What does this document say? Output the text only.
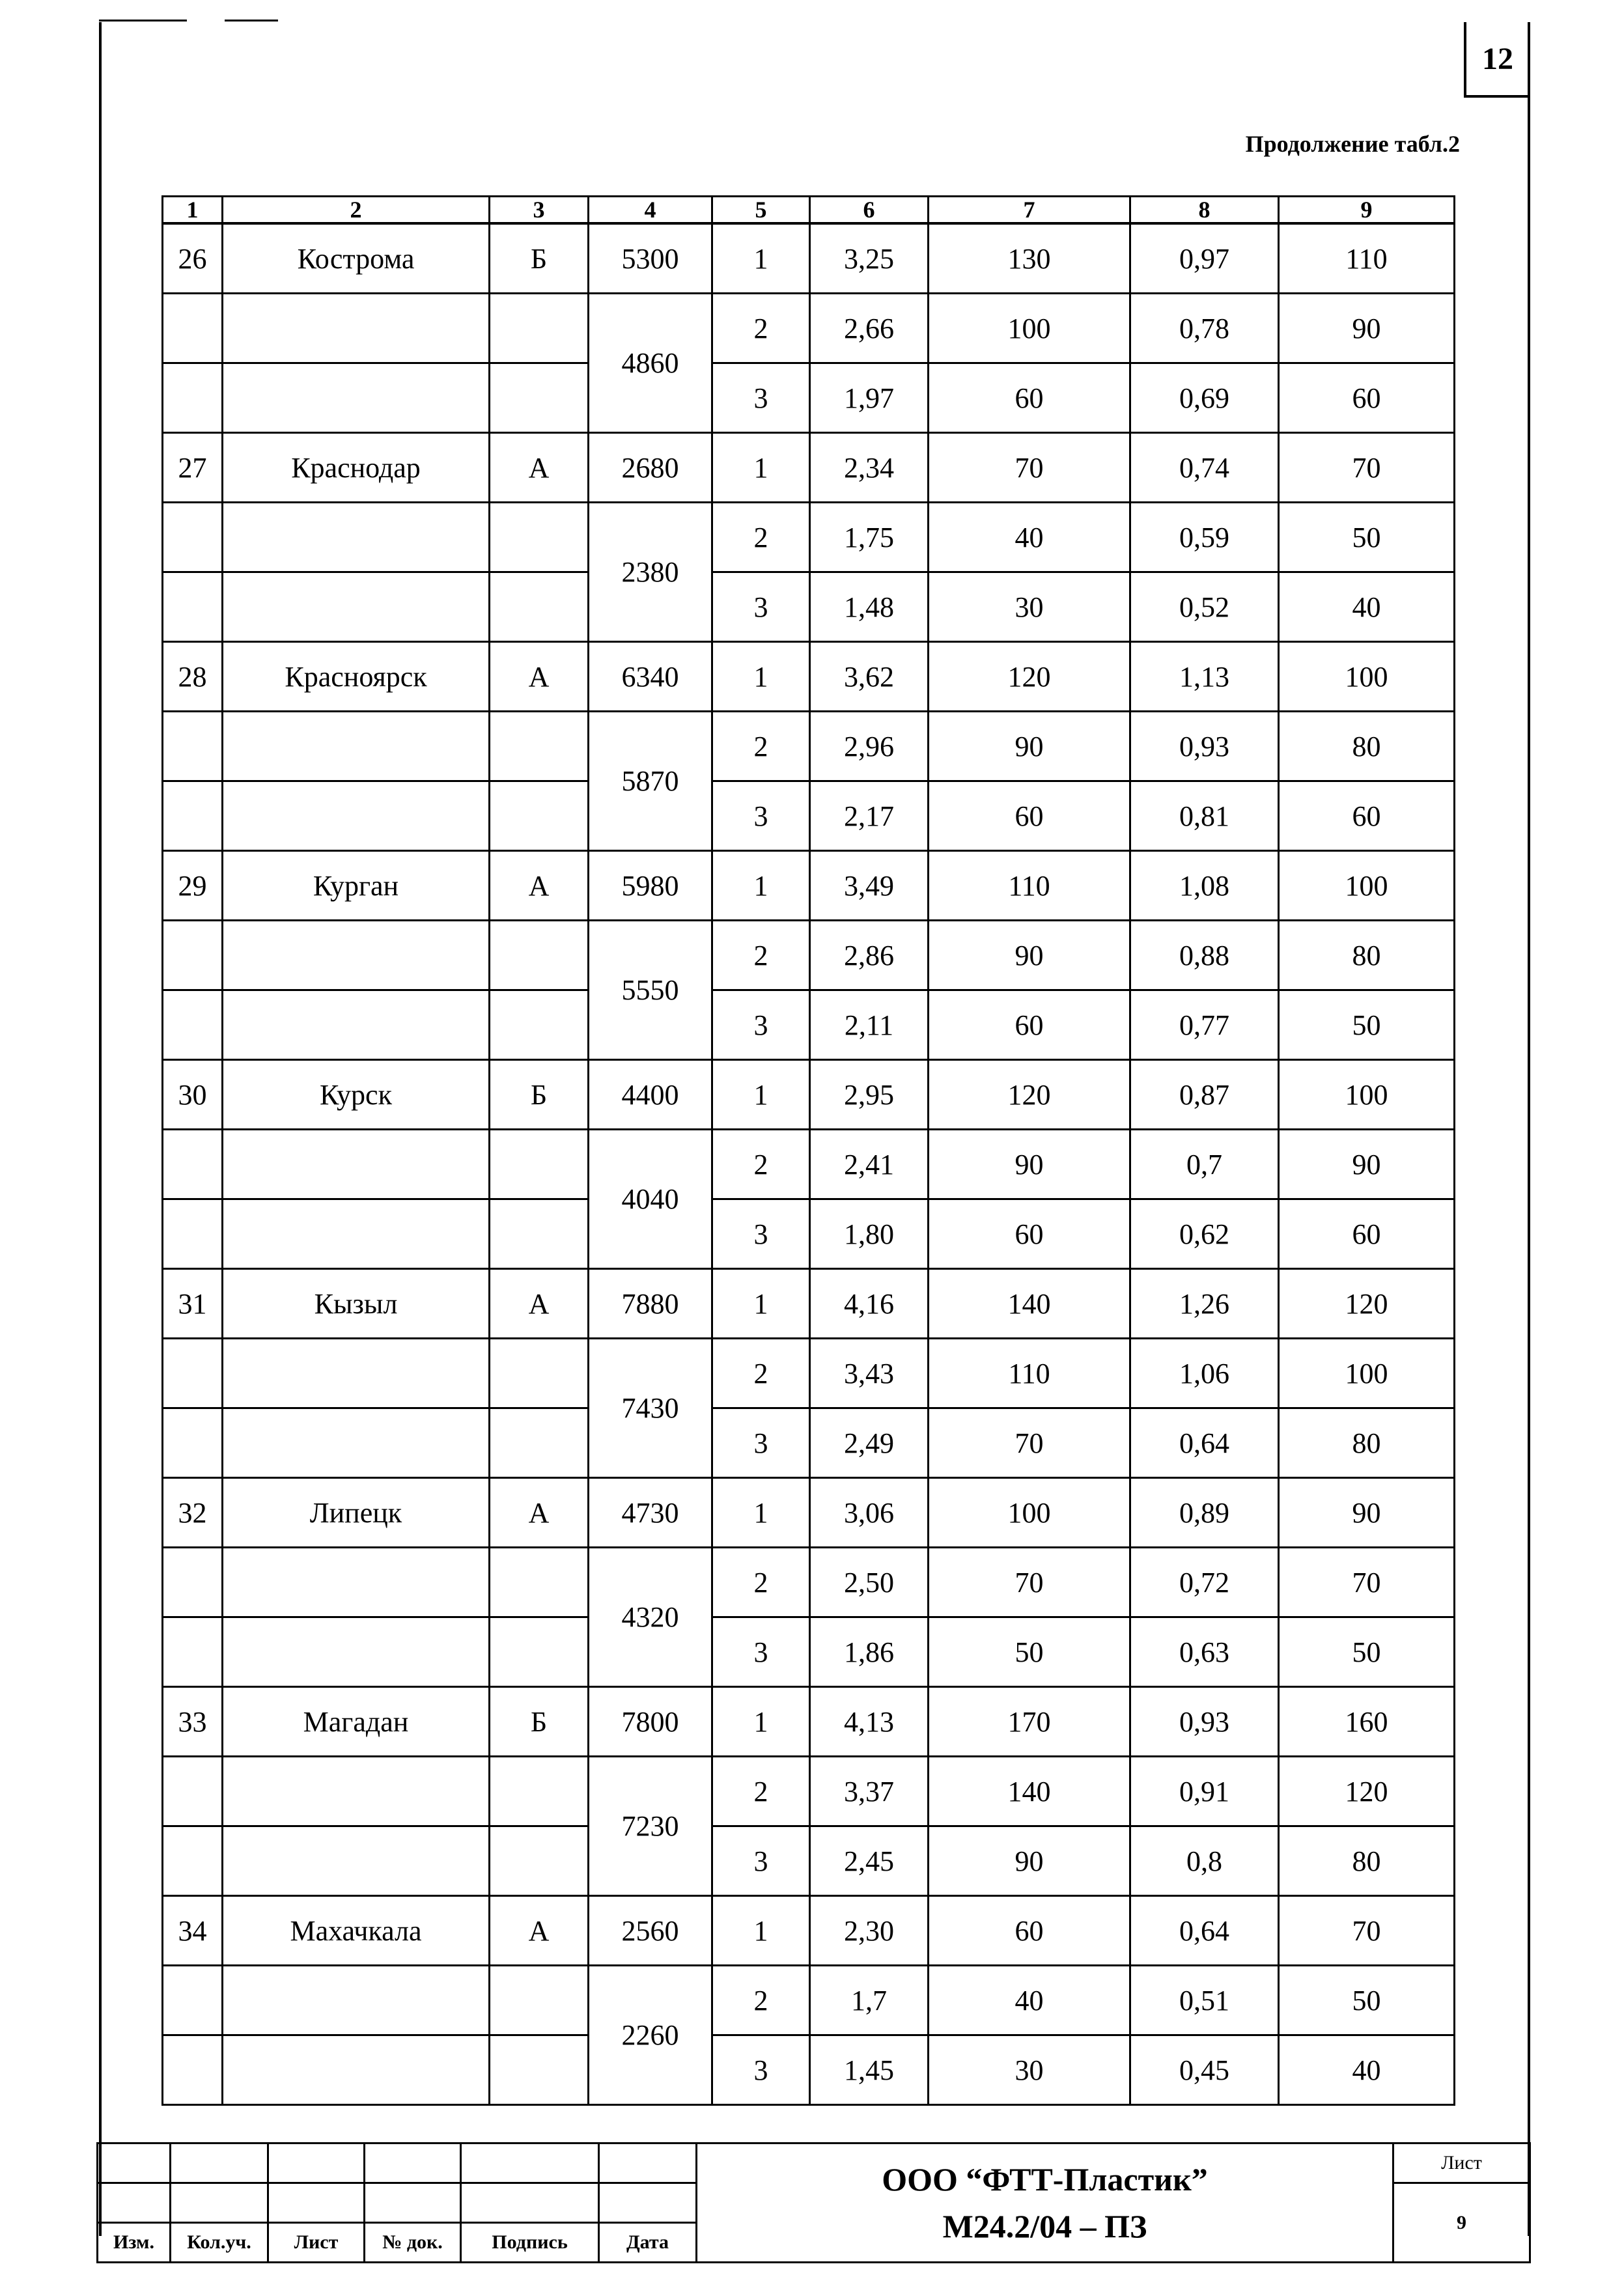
12
Продолжение табл.2
1	2	3	4	5	6	7	8	9
26	Кострома	Б	5300	1	3,25	130	0,97	110
			4860	2	2,66	100	0,78	90
				3	1,97	60	0,69	60
27	Краснодар	А	2680	1	2,34	70	0,74	70
			2380	2	1,75	40	0,59	50
				3	1,48	30	0,52	40
28	Красноярск	А	6340	1	3,62	120	1,13	100
			5870	2	2,96	90	0,93	80
				3	2,17	60	0,81	60
29	Курган	А	5980	1	3,49	110	1,08	100
			5550	2	2,86	90	0,88	80
				3	2,11	60	0,77	50
30	Курск	Б	4400	1	2,95	120	0,87	100
			4040	2	2,41	90	0,7	90
				3	1,80	60	0,62	60
31	Кызыл	А	7880	1	4,16	140	1,26	120
			7430	2	3,43	110	1,06	100
				3	2,49	70	0,64	80
32	Липецк	А	4730	1	3,06	100	0,89	90
			4320	2	2,50	70	0,72	70
				3	1,86	50	0,63	50
33	Магадан	Б	7800	1	4,13	170	0,93	160
			7230	2	3,37	140	0,91	120
				3	2,45	90	0,8	80
34	Махачкала	А	2560	1	2,30	60	0,64	70
			2260	2	1,7	40	0,51	50
				3	1,45	30	0,45	40

						ООО “ФТТ-Пластик”
М24.2/04 – ПЗ	Лист
							9
Изм.	Кол.уч.	Лист	№ док.	Подпись	Дата		
